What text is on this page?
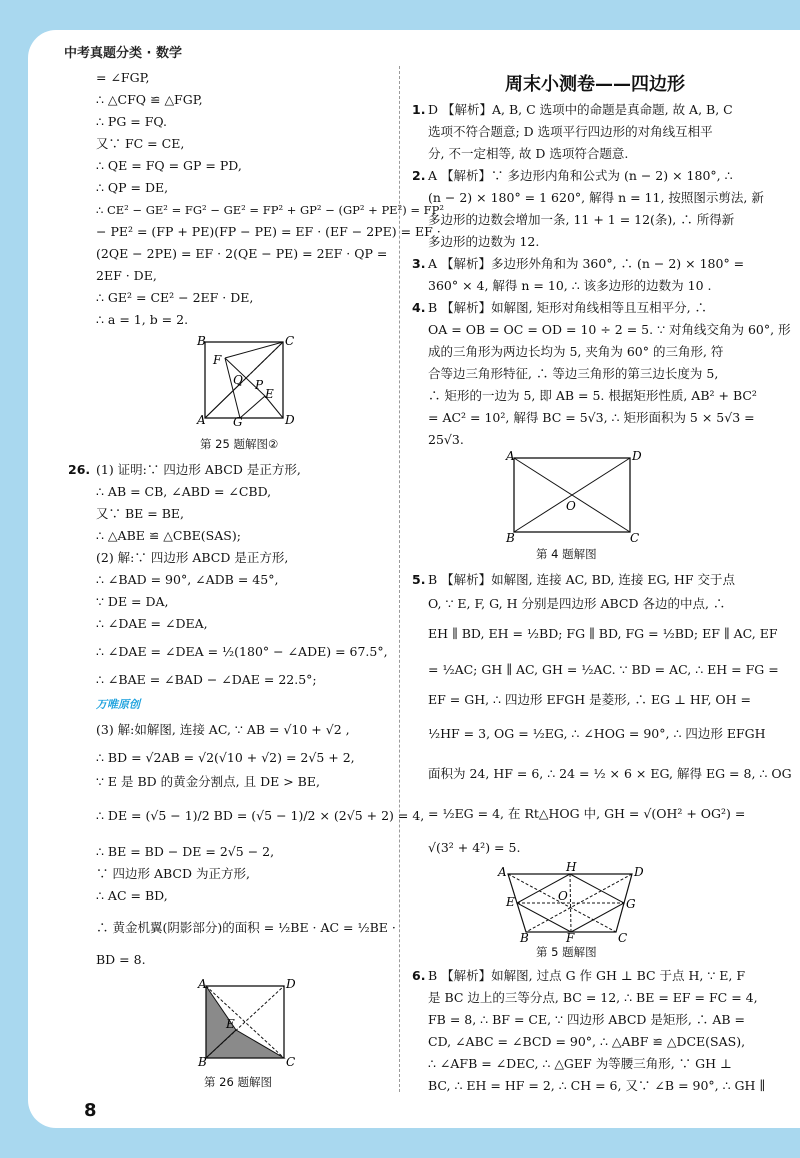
中考真题分类 · 数学
= ∠FGP,
∴ △CFQ ≌ △FGP,
∴ PG = FQ.
又∵ FC = CE,
∴ QE = FQ = GP = PD,
∴ QP = DE,
∴ CE² − GE² = FG² − GE² = FP² + GP² − (GP² + PE²) = FP²
− PE² = (FP + PE)(FP − PE) = EF · (EF − 2PE) = EF ·
(2QE − 2PE) = EF · 2(QE − PE) = 2EF · QP =
2EF · DE,
∴ GE² = CE² − 2EF · DE,
∴ a = 1, b = 2.
B	C
F
Q P
E
A G	D
第 25 题解图②
26. (1) 证明:∵ 四边形 ABCD 是正方形,
∴ AB = CB, ∠ABD = ∠CBD,
又∵ BE = BE,
∴ △ABE ≌ △CBE(SAS);
(2) 解:∵ 四边形 ABCD 是正方形,
∴ ∠BAD = 90°, ∠ADB = 45°,
∵ DE = DA,
∴ ∠DAE = ∠DEA,
∴ ∠DAE = ∠DEA = ½(180° − ∠ADE) = 67.5°,
∴ ∠BAE = ∠BAD − ∠DAE = 22.5°;
万唯原创
(3) 解:如解图, 连接 AC, ∵ AB = √10 + √2 ,
∴ BD = √2AB = √2(√10 + √2) = 2√5 + 2,
∵ E 是 BD 的黄金分割点, 且 DE > BE,
∴ DE = (√5 − 1)/2 BD = (√5 − 1)/2 × (2√5 + 2) = 4,
∴ BE = BD − DE = 2√5 − 2,
∵ 四边形 ABCD 为正方形,
∴ AC = BD,
∴ 黄金机翼(阴影部分)的面积 = ½BE · AC = ½BE ·
BD = 8.
A	D
E
B	C
第 26 题解图
周末小测卷——四边形
1. D 【解析】A, B, C 选项中的命题是真命题, 故 A, B, C
选项不符合题意; D 选项平行四边形的对角线互相平
分, 不一定相等, 故 D 选项符合题意.
2. A 【解析】∵ 多边形内角和公式为 (n − 2) × 180°, ∴
(n − 2) × 180° = 1 620°, 解得 n = 11, 按照图示剪法, 新
多边形的边数会增加一条, 11 + 1 = 12(条), ∴ 所得新
多边形的边数为 12.
3. A 【解析】多边形外角和为 360°, ∴ (n − 2) × 180° =
360° × 4, 解得 n = 10, ∴ 该多边形的边数为 10 .
4. B 【解析】如解图, 矩形对角线相等且互相平分, ∴
OA = OB = OC = OD = 10 ÷ 2 = 5. ∵ 对角线交角为 60°, 形
成的三角形为两边长均为 5, 夹角为 60° 的三角形, 符
合等边三角形特征, ∴ 等边三角形的第三边长度为 5,
∴ 矩形的一边为 5, 即 AB = 5. 根据矩形性质, AB² + BC²
= AC² = 10², 解得 BC = 5√3, ∴ 矩形面积为 5 × 5√3 =
25√3.
A	D
O
B	C
第 4 题解图
5. B 【解析】如解图, 连接 AC, BD, 连接 EG, HF 交于点
O, ∵ E, F, G, H 分别是四边形 ABCD 各边的中点, ∴
EH ∥ BD, EH = ½BD; FG ∥ BD, FG = ½BD; EF ∥ AC, EF
= ½AC; GH ∥ AC, GH = ½AC. ∵ BD = AC, ∴ EH = FG =
EF = GH, ∴ 四边形 EFGH 是菱形, ∴ EG ⊥ HF, OH =
½HF = 3, OG = ½EG, ∴ ∠HOG = 90°, ∴ 四边形 EFGH
面积为 24, HF = 6, ∴ 24 = ½ × 6 × EG, 解得 EG = 8, ∴ OG
= ½EG = 4, 在 Rt△HOG 中, GH = √(OH² + OG²) =
√(3² + 4²) = 5.
A	H	D
E	O
G
B	F	C
第 5 题解图
6. B 【解析】如解图, 过点 G 作 GH ⊥ BC 于点 H, ∵ E, F
是 BC 边上的三等分点, BC = 12, ∴ BE = EF = FC = 4,
FB = 8, ∴ BF = CE, ∵ 四边形 ABCD 是矩形, ∴ AB =
CD, ∠ABC = ∠BCD = 90°, ∴ △ABF ≌ △DCE(SAS),
∴ ∠AFB = ∠DEC, ∴ △GEF 为等腰三角形, ∵ GH ⊥
BC, ∴ EH = HF = 2, ∴ CH = 6, 又∵ ∠B = 90°, ∴ GH ∥
8
